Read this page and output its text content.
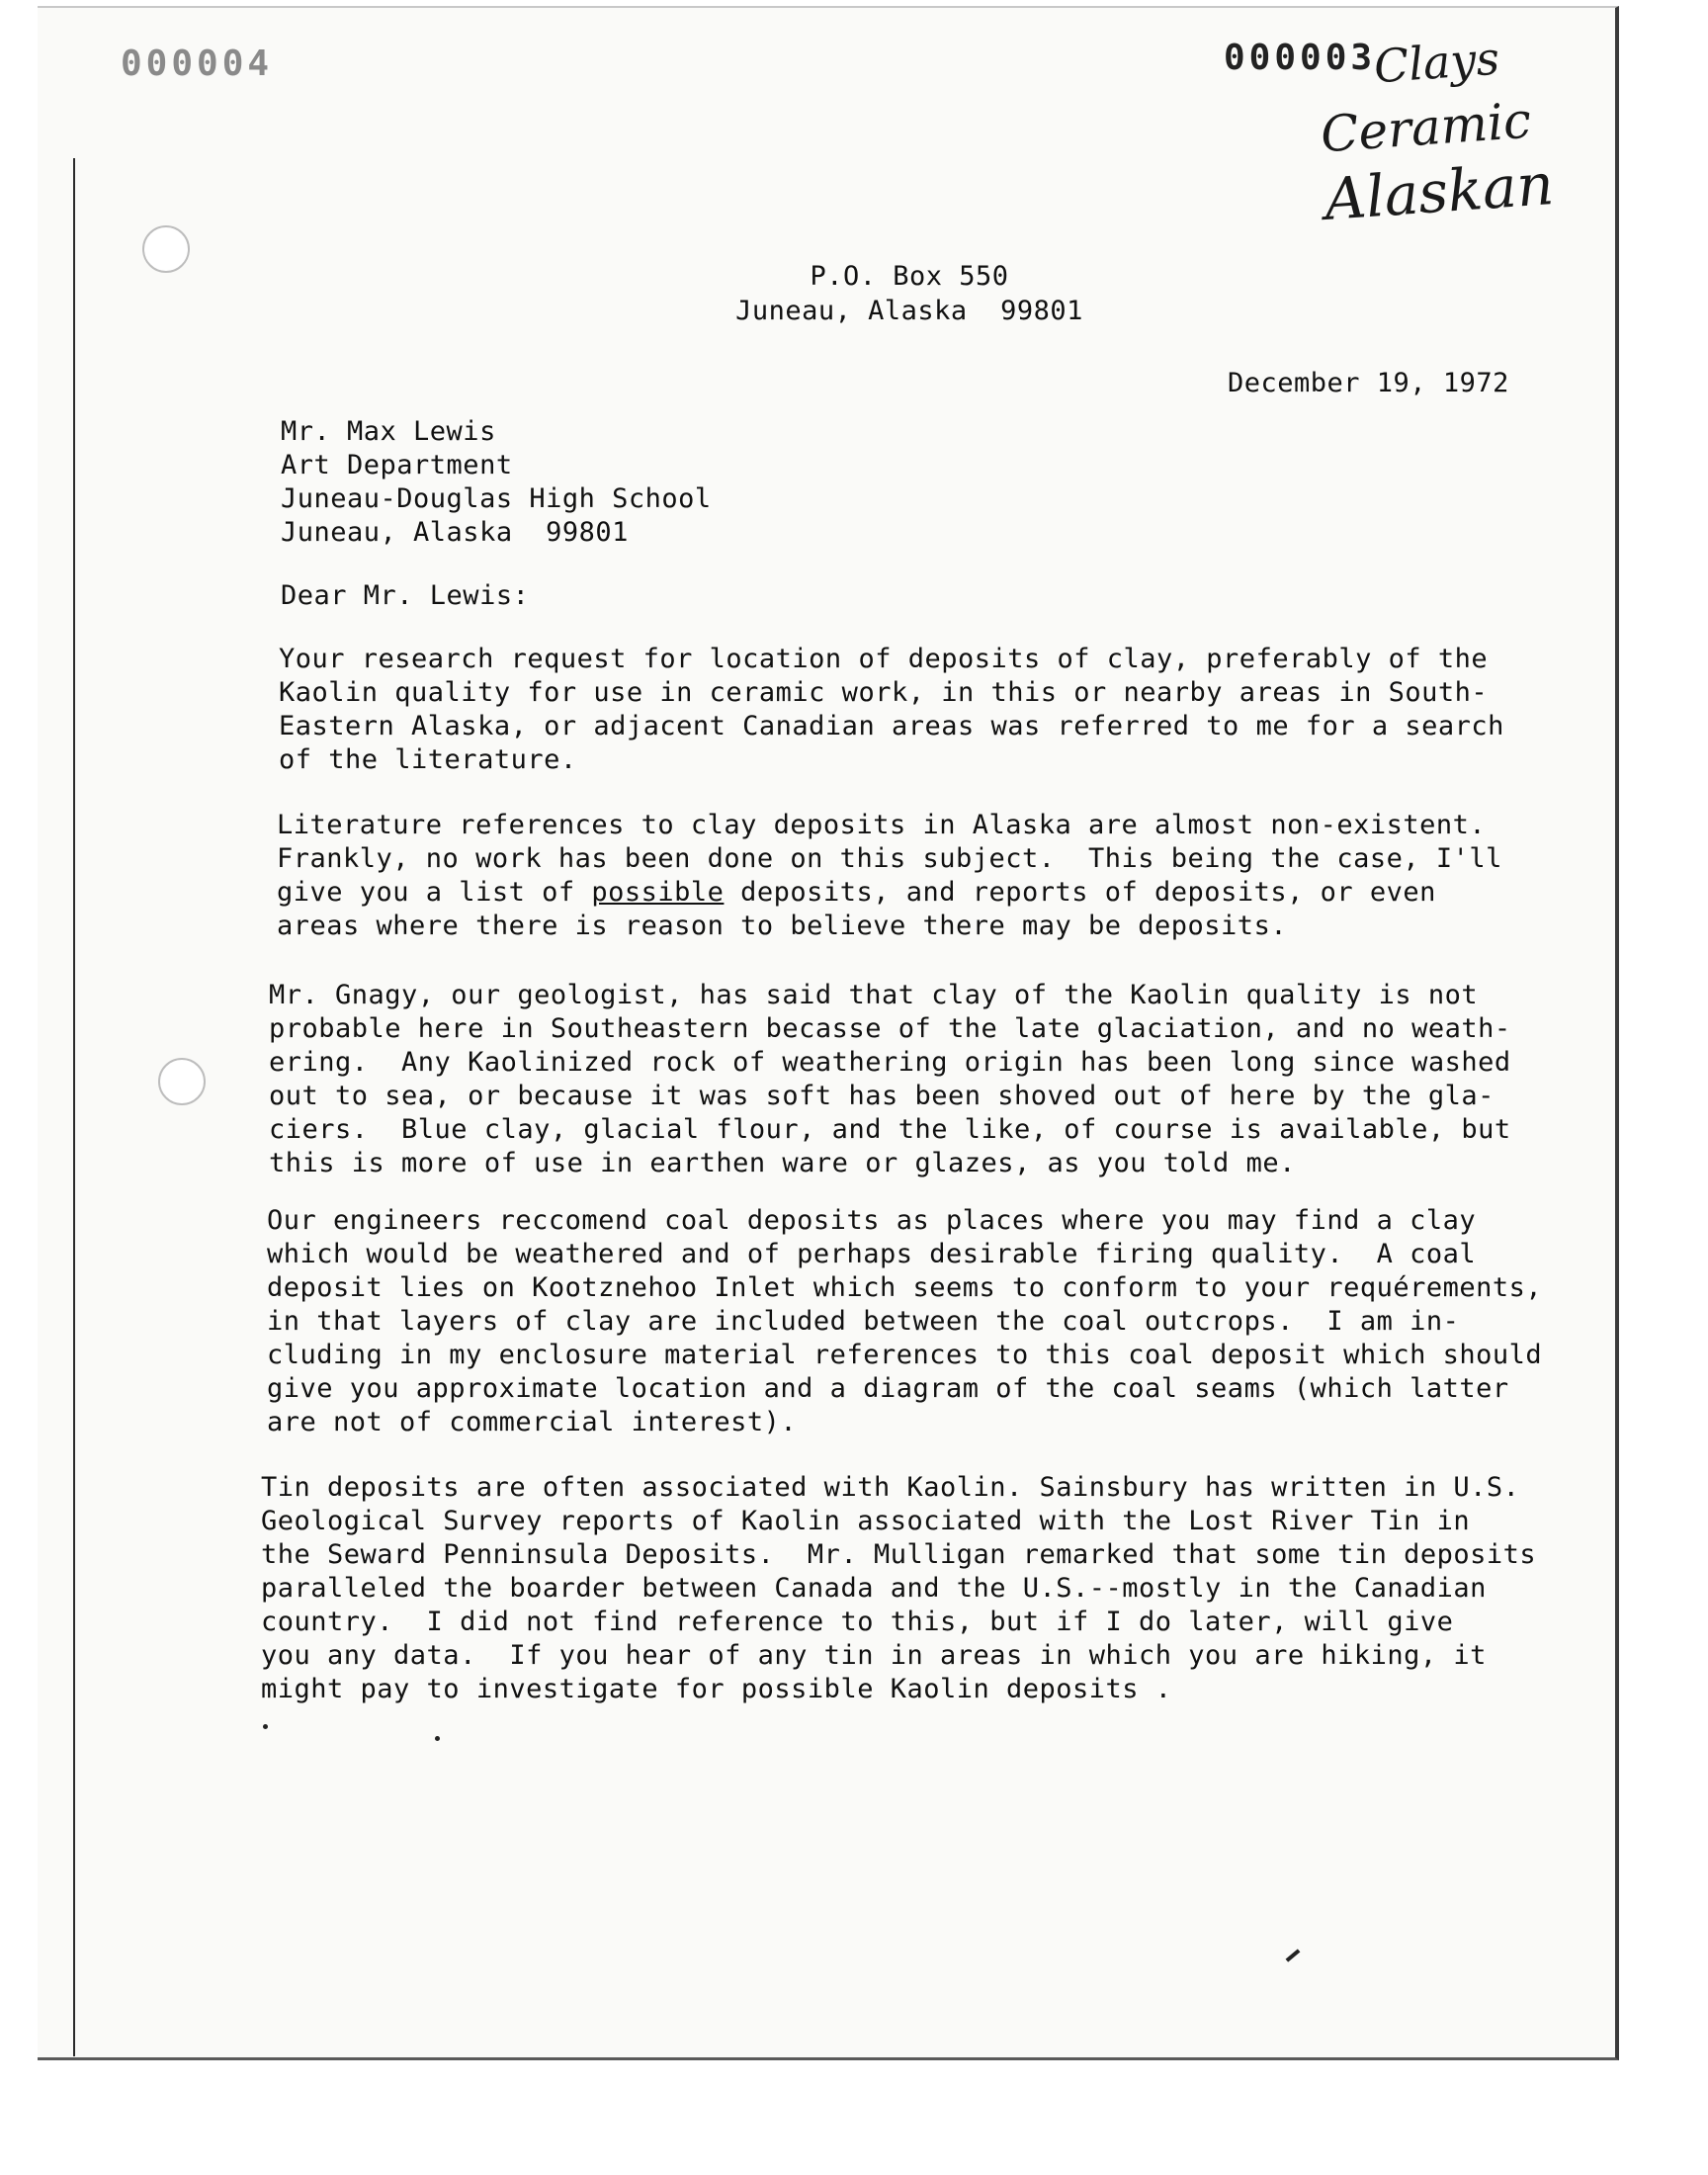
000004	000003
Clays
Ceramic
Alaskan
P.O. Box 550
Juneau, Alaska  99801
December 19, 1972
Mr. Max Lewis
Art Department
Juneau-Douglas High School
Juneau, Alaska  99801
Dear Mr. Lewis:
Your research request for location of deposits of clay, preferably of the
Kaolin quality for use in ceramic work, in this or nearby areas in South-
Eastern Alaska, or adjacent Canadian areas was referred to me for a search
of the literature.
Literature references to clay deposits in Alaska are almost non-existent.
Frankly, no work has been done on this subject.  This being the case, I'll
give you a list of possible deposits, and reports of deposits, or even
areas where there is reason to believe there may be deposits.
Mr. Gnagy, our geologist, has said that clay of the Kaolin quality is not
probable here in Southeastern becasse of the late glaciation, and no weath-
ering.  Any Kaolinized rock of weathering origin has been long since washed
out to sea, or because it was soft has been shoved out of here by the gla-
ciers.  Blue clay, glacial flour, and the like, of course is available, but
this is more of use in earthen ware or glazes, as you told me.
Our engineers reccomend coal deposits as places where you may find a clay
which would be weathered and of perhaps desirable firing quality.  A coal
deposit lies on Kootznehoo Inlet which seems to conform to your requérements,
in that layers of clay are included between the coal outcrops.  I am in-
cluding in my enclosure material references to this coal deposit which should
give you approximate location and a diagram of the coal seams (which latter
are not of commercial interest).
Tin deposits are often associated with Kaolin. Sainsbury has written in U.S.
Geological Survey reports of Kaolin associated with the Lost River Tin in
the Seward Penninsula Deposits.  Mr. Mulligan remarked that some tin deposits
paralleled the boarder between Canada and the U.S.--mostly in the Canadian
country.  I did not find reference to this, but if I do later, will give
you any data.  If you hear of any tin in areas in which you are hiking, it
might pay to investigate for possible Kaolin deposits .
